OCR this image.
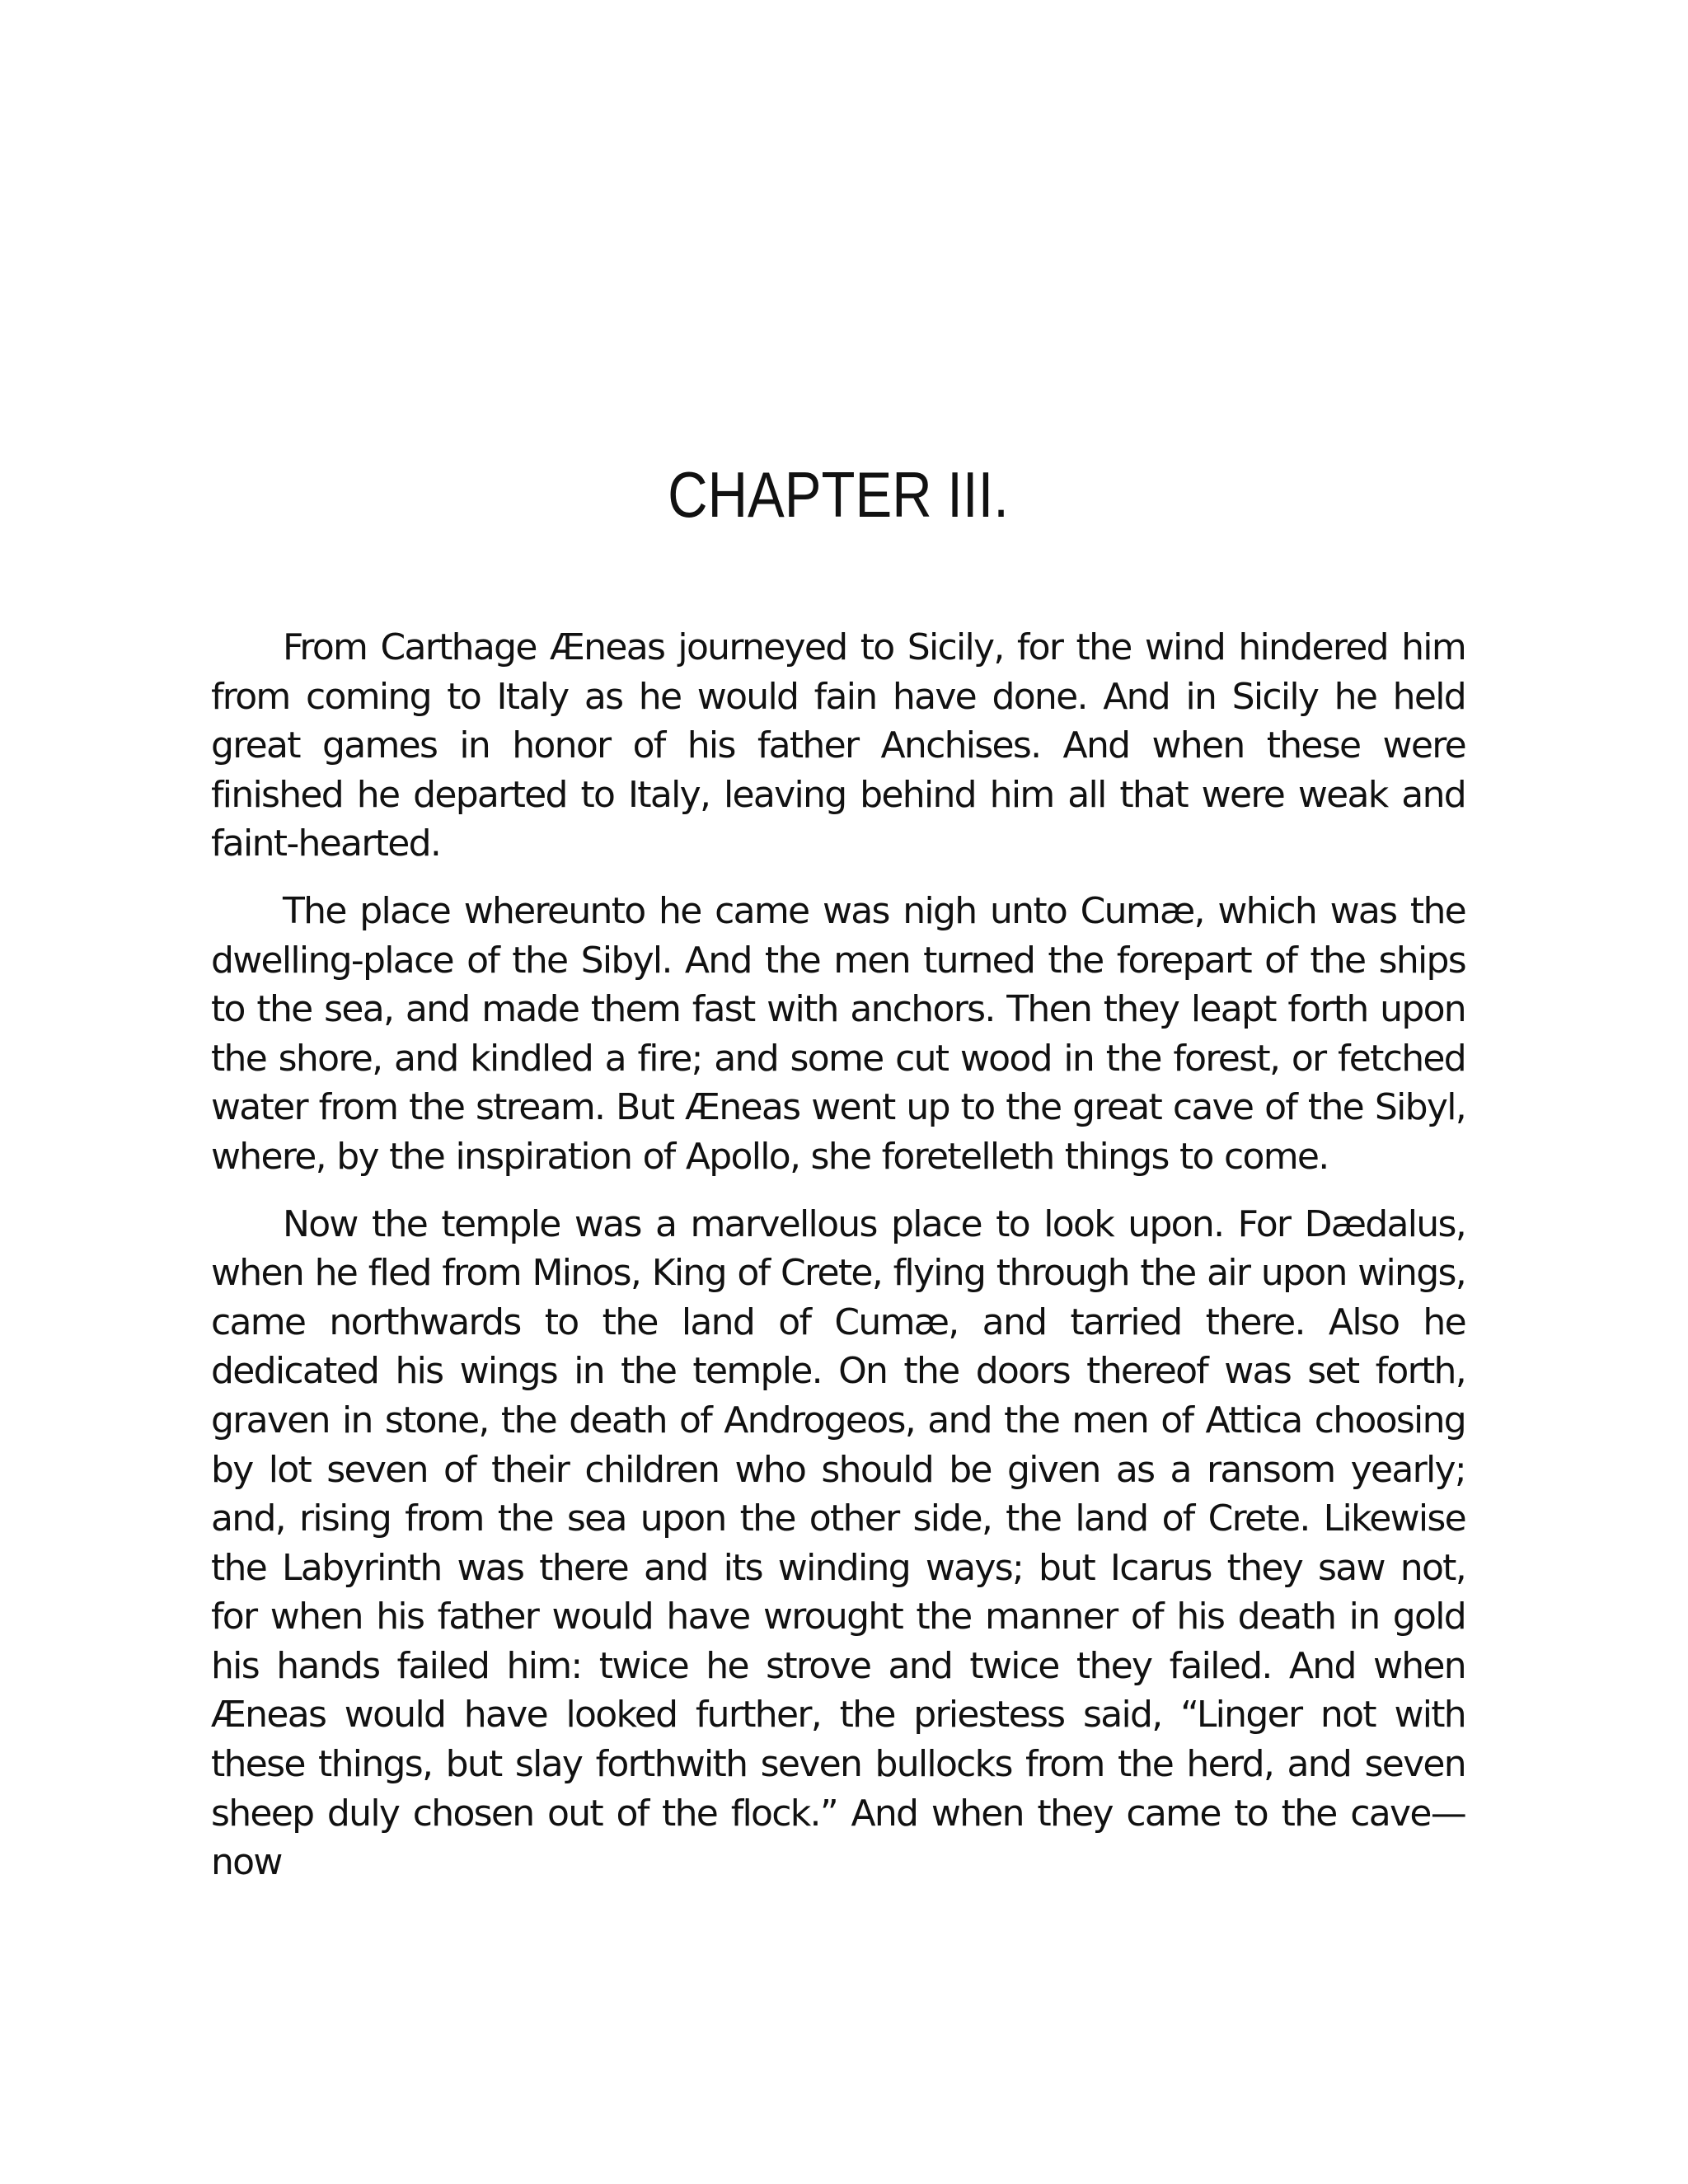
CHAPTER III.

From Carthage Æneas journeyed to Sicily, for the wind hindered him from coming to Italy as he would fain have done. And in Sicily he held great games in honor of his father Anchises. And when these were finished he departed to Italy, leaving behind him all that were weak and faint-hearted.

The place whereunto he came was nigh unto Cumæ, which was the dwelling-place of the Sibyl. And the men turned the forepart of the ships to the sea, and made them fast with anchors. Then they leapt forth upon the shore, and kindled a fire; and some cut wood in the forest, or fetched water from the stream. But Æneas went up to the great cave of the Sibyl, where, by the inspiration of Apollo, she foretelleth things to come.

Now the temple was a marvellous place to look upon. For Dædalus, when he fled from Minos, King of Crete, flying through the air upon wings, came northwards to the land of Cumæ, and tarried there. Also he dedicated his wings in the temple. On the doors thereof was set forth, graven in stone, the death of Androgeos, and the men of Attica choosing by lot seven of their children who should be given as a ransom yearly; and, rising from the sea upon the other side, the land of Crete. Likewise the Labyrinth was there and its winding ways; but Icarus they saw not, for when his father would have wrought the manner of his death in gold his hands failed him: twice he strove and twice they failed. And when Æneas would have looked further, the priestess said, “Linger not with these things, but slay forthwith seven bullocks from the herd, and seven sheep duly chosen out of the flock.” And when they came to the cave—now
